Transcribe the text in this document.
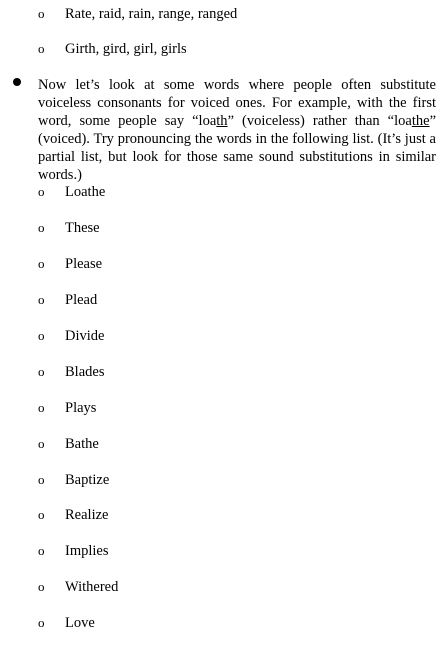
o Rate, raid, rain, range, ranged
o Girth, gird, girl, girls

Now let’s look at some words where people often substitute voiceless consonants for voiced ones. For example, with the first word, some people say “loath” (voiceless) rather than “loathe” (voiced). Try pronouncing the words in the following list. (It’s just a partial list, but look for those same sound substitutions in similar words.)

o Loathe
o These
o Please
o Plead
o Divide
o Blades
o Plays
o Bathe
o Baptize
o Realize
o Implies
o Withered
o Love
